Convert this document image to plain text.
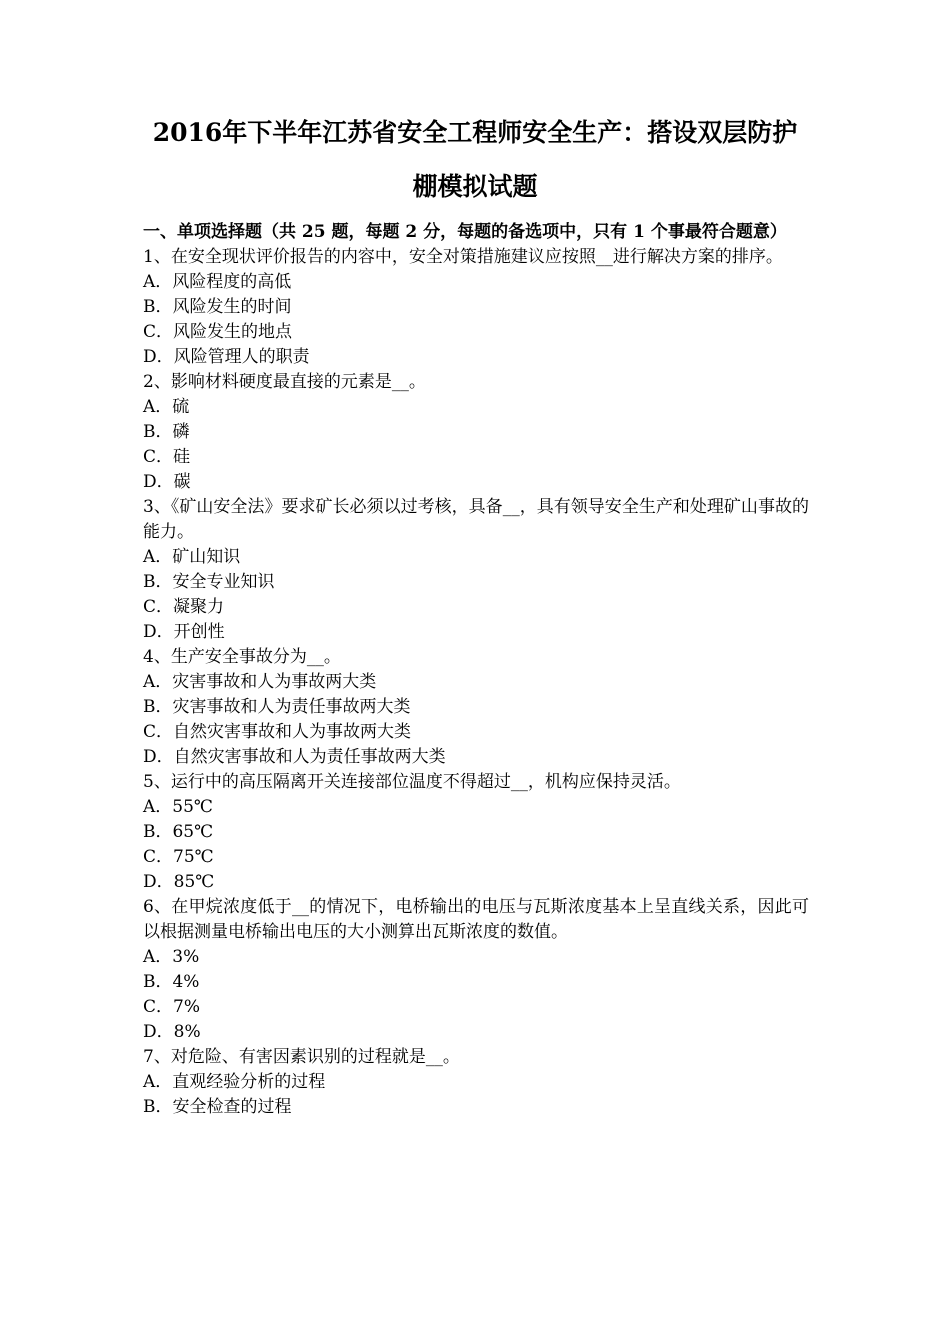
2016年下半年江苏省安全工程师安全生产：搭设双层防护
棚模拟试题

一、单项选择题（共 25 题，每题 2 分，每题的备选项中，只有 1 个事最符合题意）

1、在安全现状评价报告的内容中，安全对策措施建议应按照__进行解决方案的排序。

A．风险程度的高低

B．风险发生的时间

C．风险发生的地点

D．风险管理人的职责

2、影响材料硬度最直接的元素是__。

A．硫

B．磷

C．硅

D．碳

3、《矿山安全法》要求矿长必须以过考核，具备__，具有领导安全生产和处理矿山事故的能力。

A．矿山知识

B．安全专业知识

C．凝聚力

D．开创性

4、生产安全事故分为__。

A．灾害事故和人为事故两大类

B．灾害事故和人为责任事故两大类

C．自然灾害事故和人为事故两大类

D．自然灾害事故和人为责任事故两大类

5、运行中的高压隔离开关连接部位温度不得超过__，机构应保持灵活。

A．55℃

B．65℃

C．75℃

D．85℃

6、在甲烷浓度低于__的情况下，电桥输出的电压与瓦斯浓度基本上呈直线关系，因此可以根据测量电桥输出电压的大小测算出瓦斯浓度的数值。

A．3%

B．4%

C．7%

D．8%

7、对危险、有害因素识别的过程就是__。

A．直观经验分析的过程

B．安全检查的过程
